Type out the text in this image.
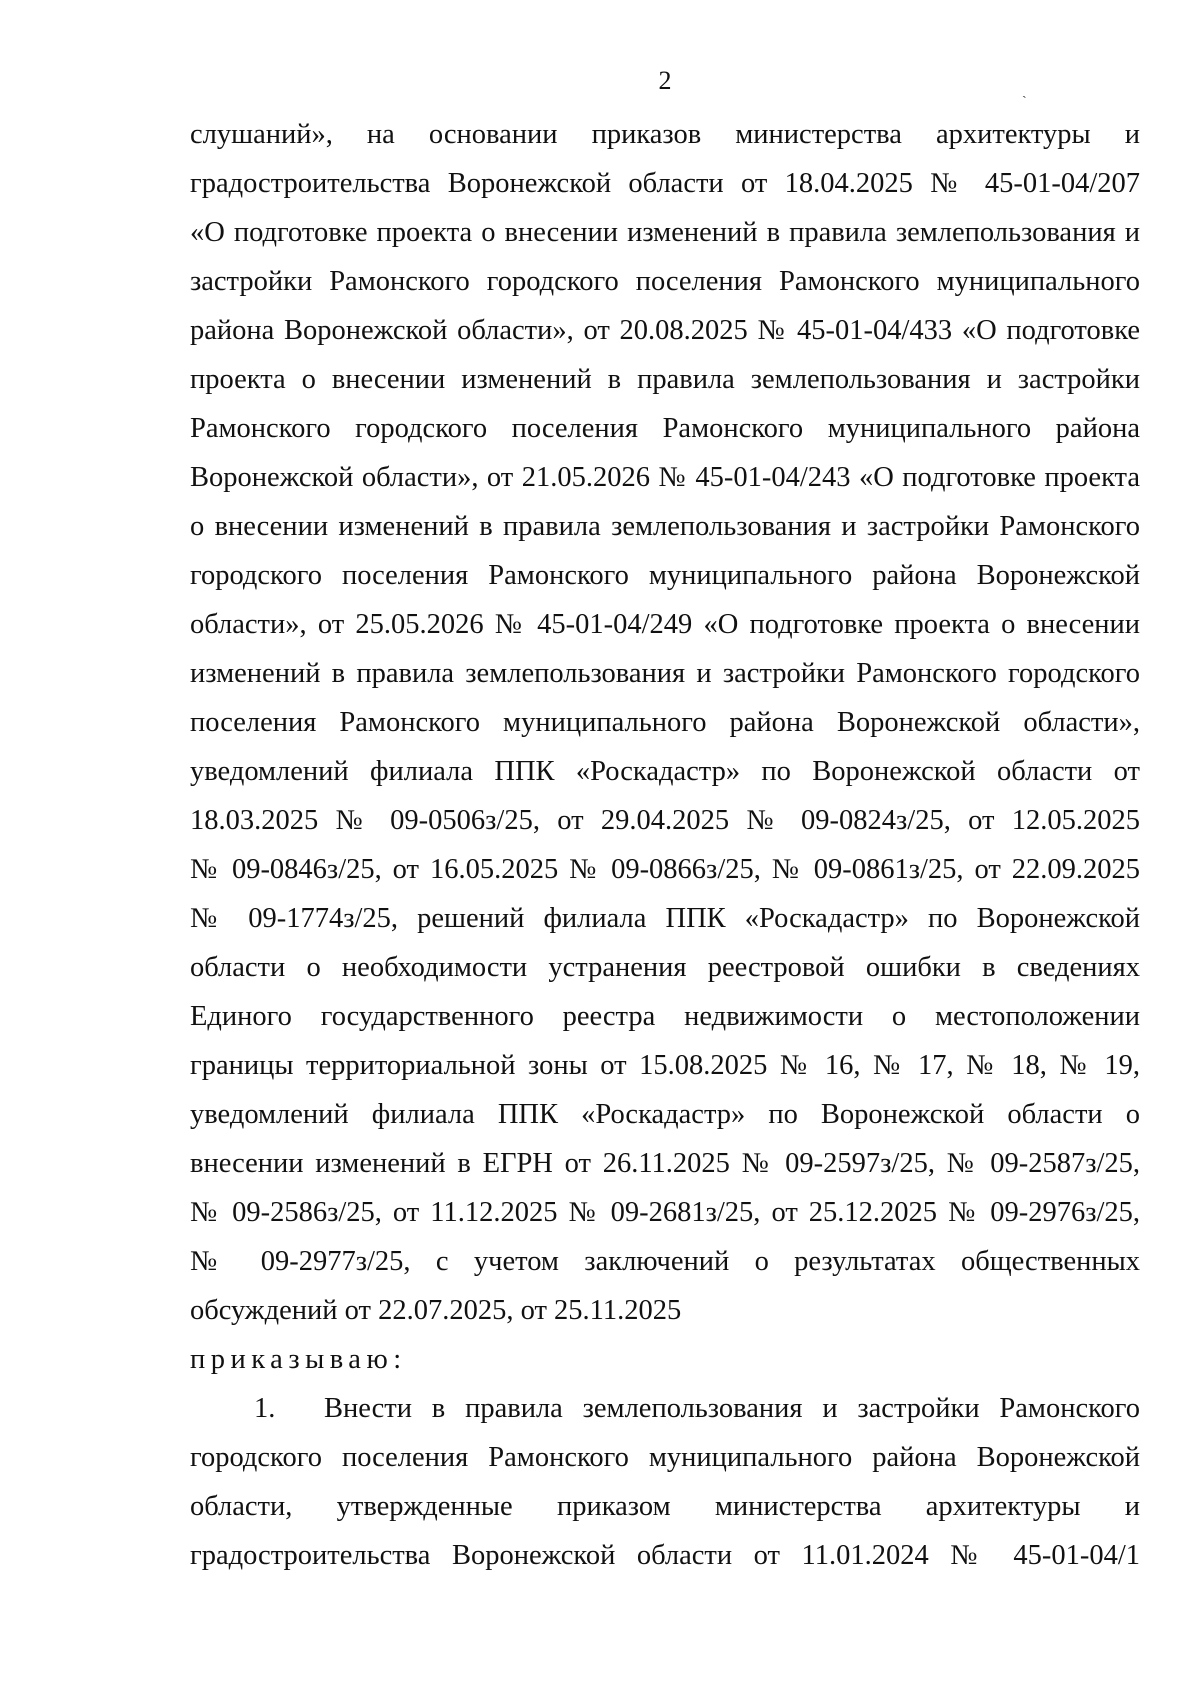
2	ˏ
слушаний», на основании приказов министерства архитектуры и
градостроительства Воронежской области от 18.04.2025 № 45-01-04/207
«О подготовке проекта о внесении изменений в правила землепользования и
застройки Рамонского городского поселения Рамонского муниципального
района Воронежской области», от 20.08.2025 № 45-01-04/433 «О подготовке
проекта о внесении изменений в правила землепользования и застройки
Рамонского городского поселения Рамонского муниципального района
Воронежской области», от 21.05.2026 № 45-01-04/243 «О подготовке проекта
о внесении изменений в правила землепользования и застройки Рамонского
городского поселения Рамонского муниципального района Воронежской
области», от 25.05.2026 № 45-01-04/249 «О подготовке проекта о внесении
изменений в правила землепользования и застройки Рамонского городского
поселения Рамонского муниципального района Воронежской области»,
уведомлений филиала ППК «Роскадастр» по Воронежской области от
18.03.2025 № 09-0506з/25, от 29.04.2025 № 09-0824з/25, от 12.05.2025
№ 09-0846з/25, от 16.05.2025 № 09-0866з/25, № 09-0861з/25, от 22.09.2025
№ 09-1774з/25, решений филиала ППК «Роскадастр» по Воронежской
области о необходимости устранения реестровой ошибки в сведениях
Единого государственного реестра недвижимости о местоположении
границы территориальной зоны от 15.08.2025 № 16, № 17, № 18, № 19,
уведомлений филиала ППК «Роскадастр» по Воронежской области о
внесении изменений в ЕГРН от 26.11.2025 № 09-2597з/25, № 09-2587з/25,
№ 09-2586з/25, от 11.12.2025 № 09-2681з/25, от 25.12.2025 № 09-2976з/25,
№ 09-2977з/25, с учетом заключений о результатах общественных
обсуждений от 22.07.2025, от 25.11.2025
приказываю:
1. Внести в правила землепользования и застройки Рамонского
городского поселения Рамонского муниципального района Воронежской
области, утвержденные приказом министерства архитектуры и
градостроительства Воронежской области от 11.01.2024 № 45-01-04/1
